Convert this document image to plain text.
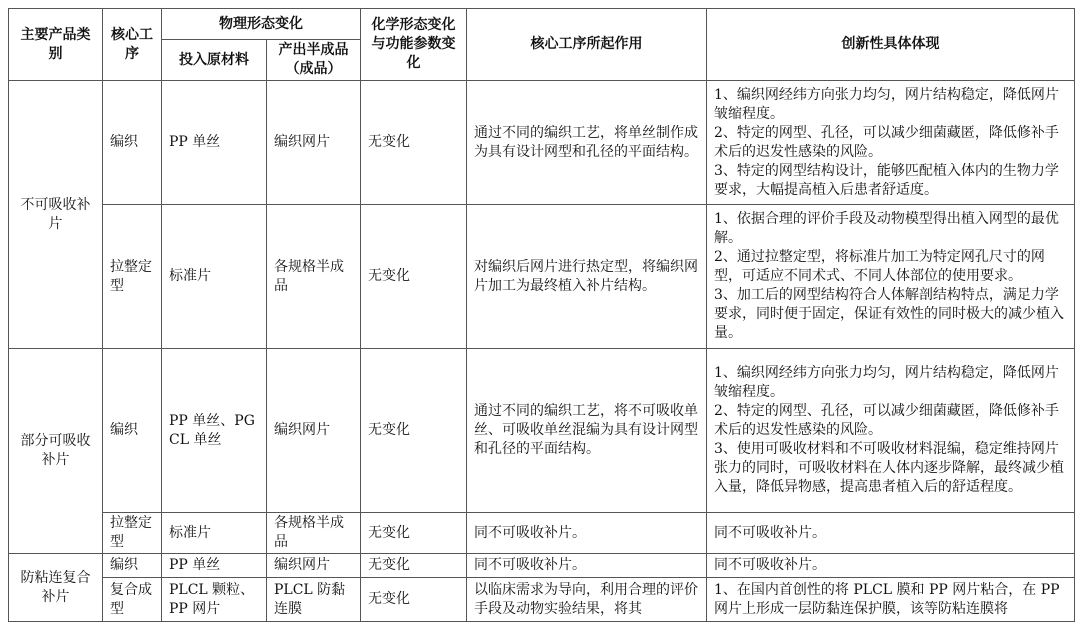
主要产品类别	核心工序	物理形态变化		化学形态变化与功能参数变化	核心工序所起作用	创新性具体体现
		投入原材料	产出半成品（成品）			
不可吸收补片	编织	PP 单丝	编织网片	无变化	通过不同的编织工艺，将单丝制作成为具有设计网型和孔径的平面结构。	1、编织网经纬方向张力均匀，网片结构稳定，降低网片皱缩程度。
2、特定的网型、孔径，可以减少细菌藏匿，降低修补手术后的迟发性感染的风险。
3、特定的网型结构设计，能够匹配植入体内的生物力学要求，大幅提高植入后患者舒适度。
	拉整定型	标准片	各规格半成品	无变化	对编织后网片进行热定型，将编织网片加工为最终植入补片结构。	1、依据合理的评价手段及动物模型得出植入网型的最优解。
2、通过拉整定型，将标准片加工为特定网孔尺寸的网型，可适应不同术式、不同人体部位的使用要求。
3、加工后的网型结构符合人体解剖结构特点，满足力学要求，同时便于固定，保证有效性的同时极大的减少植入量。
部分可吸收补片	编织	PP 单丝、PGCL 单丝	编织网片	无变化	通过不同的编织工艺，将不可吸收单丝、可吸收单丝混编为具有设计网型和孔径的平面结构。	1、编织网经纬方向张力均匀，网片结构稳定，降低网片皱缩程度。
2、特定的网型、孔径，可以减少细菌藏匿，降低修补手术后的迟发性感染的风险。
3、使用可吸收材料和不可吸收材料混编，稳定维持网片张力的同时，可吸收材料在人体内逐步降解，最终减少植入量，降低异物感，提高患者植入后的舒适程度。
	拉整定型	标准片	各规格半成品	无变化	同不可吸收补片。	同不可吸收补片。
防粘连复合补片	编织	PP 单丝	编织网片	无变化	同不可吸收补片。	同不可吸收补片。
	复合成型	PLCL 颗粒、PP 网片	PLCL 防黏连膜	无变化	以临床需求为导向，利用合理的评价手段及动物实验结果，将其	1、在国内首创性的将 PLCL 膜和 PP 网片粘合，在 PP 网片上形成一层防黏连保护膜，该等防粘连膜将
